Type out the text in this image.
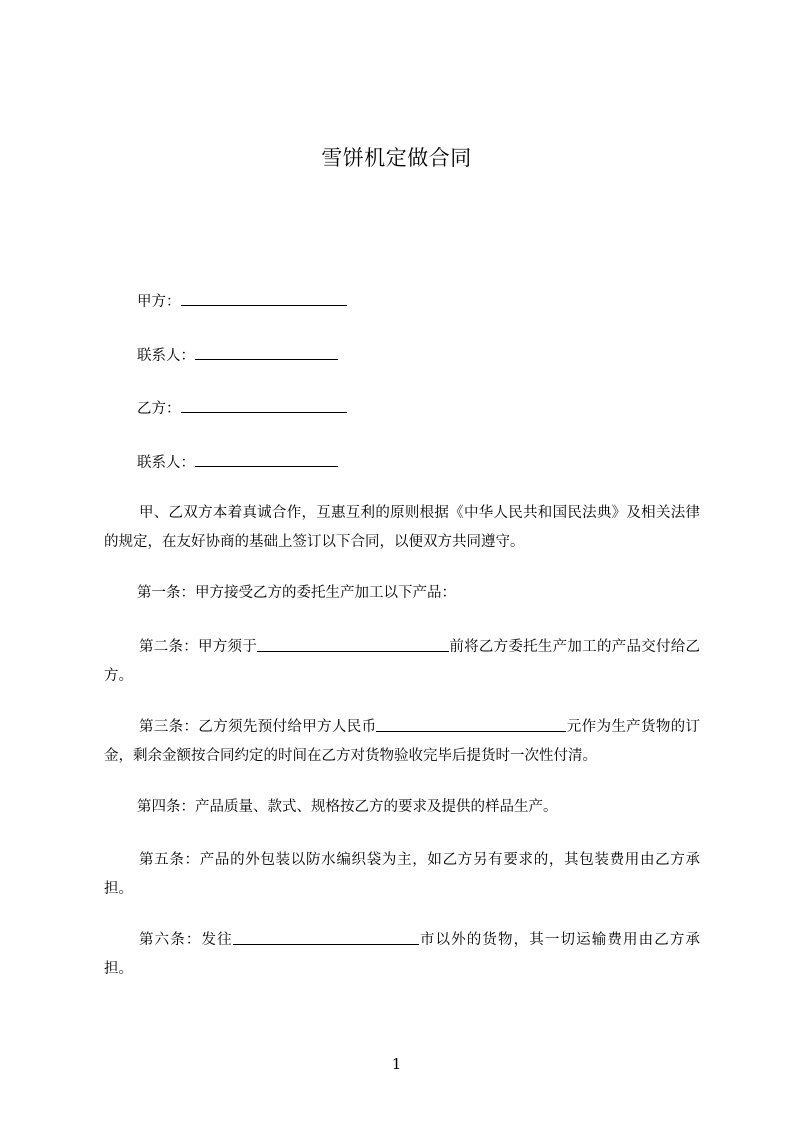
雪饼机定做合同
甲方：
联系人：
乙方：
联系人：
甲、乙双方本着真诚合作，互惠互利的原则根据《中华人民共和国民法典》及相关法律的规定，在友好协商的基础上签订以下合同，以便双方共同遵守。
第一条：甲方接受乙方的委托生产加工以下产品：
第二条：甲方须于	前将乙方委托生产加工的产品交付给乙方。
第三条：乙方须先预付给甲方人民币	元作为生产货物的订金，剩余金额按合同约定的时间在乙方对货物验收完毕后提货时一次性付清。
第四条：产品质量、款式、规格按乙方的要求及提供的样品生产。
第五条：产品的外包装以防水编织袋为主，如乙方另有要求的，其包装费用由乙方承担。
第六条：发往	市以外的货物，其一切运输费用由乙方承担。
1
